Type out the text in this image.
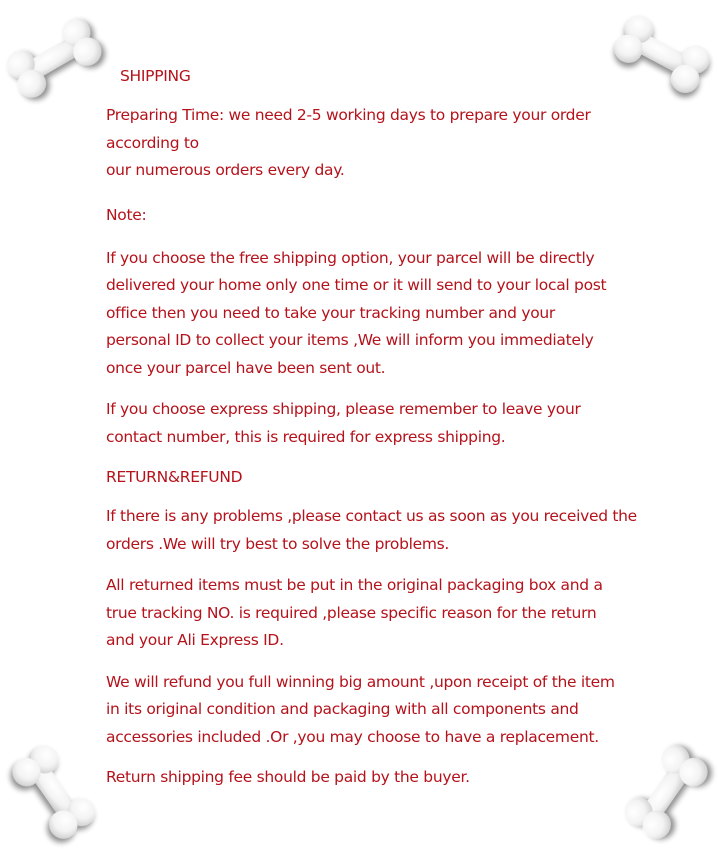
SHIPPING

Preparing Time: we need 2-5 working days to prepare your order
according to
our numerous orders every day.

Note:

If you choose the free shipping option, your parcel will be directly
delivered your home only one time or it will send to your local post
office then you need to take your tracking number and your
personal ID to collect your items ,We will inform you immediately
once your parcel have been sent out.

If you choose express shipping, please remember to leave your
contact number, this is required for express shipping.

RETURN&REFUND

If there is any problems ,please contact us as soon as you received the
orders .We will try best to solve the problems.

All returned items must be put in the original packaging box and a
true tracking NO. is required ,please specific reason for the return
and your Ali Express ID.

We will refund you full winning big amount ,upon receipt of the item
in its original condition and packaging with all components and
accessories included .Or ,you may choose to have a replacement.

Return shipping fee should be paid by the buyer.
